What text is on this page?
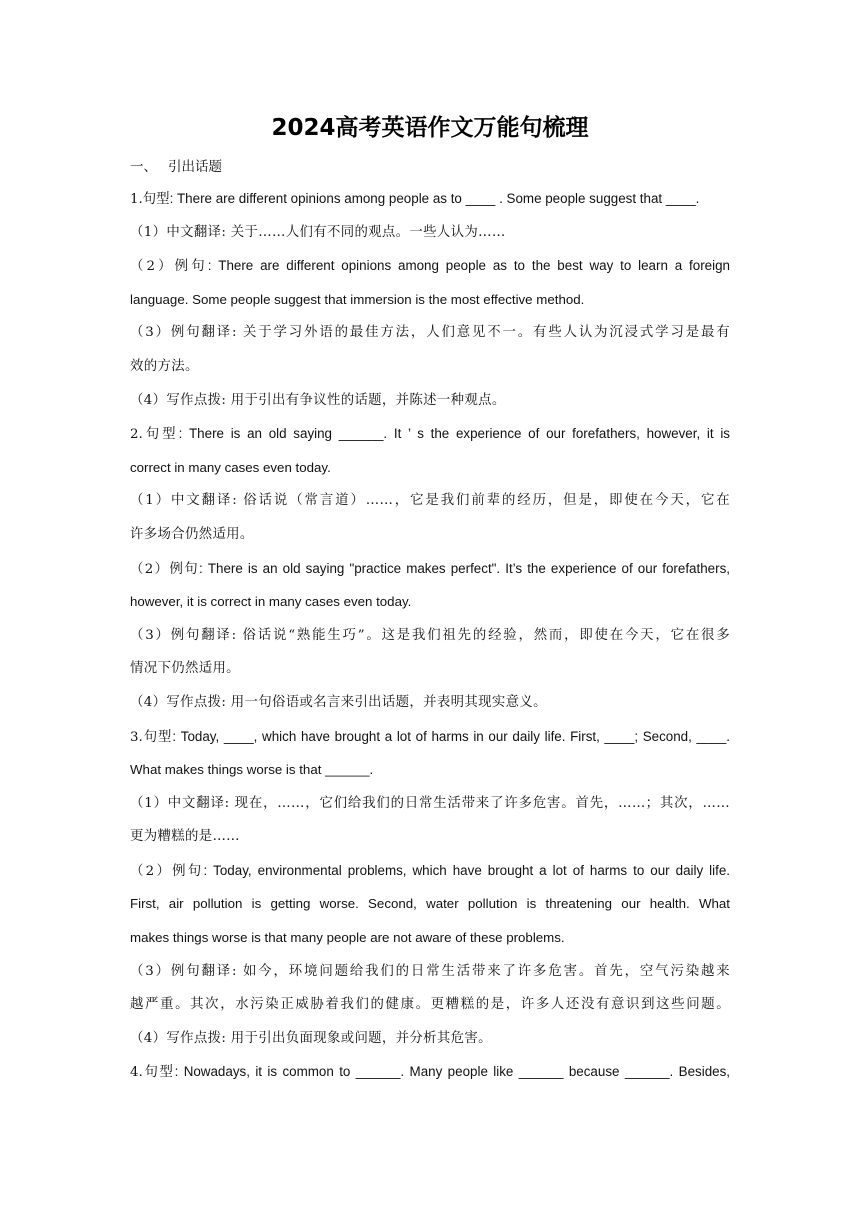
2024高考英语作文万能句梳理
一、 引出话题
1.句型: There are different opinions among people as to ____ . Some people suggest that ____.
（1）中文翻译: 关于……人们有不同的观点。一些人认为……
（2）例句: There are different opinions among people as to the best way to learn a foreign
language. Some people suggest that immersion is the most effective method.
（3）例句翻译: 关于学习外语的最佳方法，人们意见不一。有些人认为沉浸式学习是最有
效的方法。
（4）写作点拨: 用于引出有争议性的话题，并陈述一种观点。
2.句型: There is an old saying ______. It ’ s the experience of our forefathers, however, it is
correct in many cases even today.
（1）中文翻译: 俗话说（常言道）……，它是我们前辈的经历，但是，即使在今天，它在
许多场合仍然适用。
（2）例句: There is an old saying "practice makes perfect". It’s the experience of our forefathers,
however, it is correct in many cases even today.
（3）例句翻译: 俗话说“熟能生巧”。这是我们祖先的经验，然而，即使在今天，它在很多
情况下仍然适用。
（4）写作点拨: 用一句俗语或名言来引出话题，并表明其现实意义。
3.句型: Today, ____, which have brought a lot of harms in our daily life. First, ____; Second, ____.
What makes things worse is that ______.
（1）中文翻译: 现在，……，它们给我们的日常生活带来了许多危害。首先，……；其次，……
更为糟糕的是……
（2）例句: Today, environmental problems, which have brought a lot of harms to our daily life.
First, air pollution is getting worse. Second, water pollution is threatening our health. What
makes things worse is that many people are not aware of these problems.
（3）例句翻译: 如今，环境问题给我们的日常生活带来了许多危害。首先，空气污染越来
越严重。其次，水污染正威胁着我们的健康。更糟糕的是，许多人还没有意识到这些问题。
（4）写作点拨: 用于引出负面现象或问题，并分析其危害。
4.句型: Nowadays, it is common to ______. Many people like ______ because ______. Besides,
